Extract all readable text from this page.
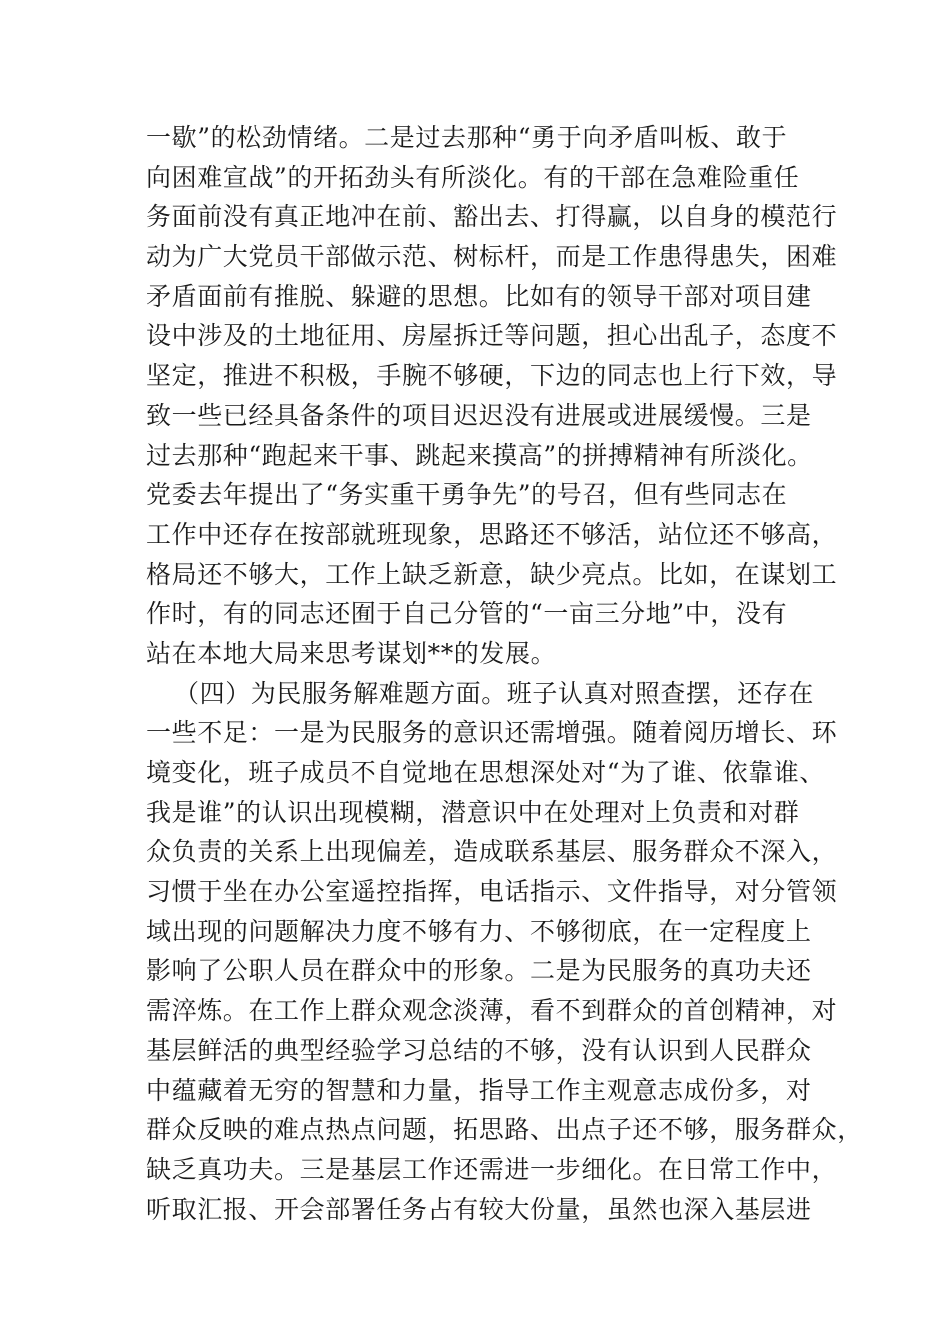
一歇”的松劲情绪。二是过去那种“勇于向矛盾叫板、敢于
向困难宣战”的开拓劲头有所淡化。有的干部在急难险重任
务面前没有真正地冲在前、豁出去、打得赢，以自身的模范行
动为广大党员干部做示范、树标杆，而是工作患得患失，困难
矛盾面前有推脱、躲避的思想。比如有的领导干部对项目建
设中涉及的土地征用、房屋拆迁等问题，担心出乱子，态度不
坚定，推进不积极，手腕不够硬，下边的同志也上行下效，导
致一些已经具备条件的项目迟迟没有进展或进展缓慢。三是
过去那种“跑起来干事、跳起来摸高”的拼搏精神有所淡化。
党委去年提出了“务实重干勇争先”的号召，但有些同志在
工作中还存在按部就班现象，思路还不够活，站位还不够高，
格局还不够大，工作上缺乏新意，缺少亮点。比如，在谋划工
作时，有的同志还囿于自己分管的“一亩三分地”中，没有
站在本地大局来思考谋划**的发展。
（四）为民服务解难题方面。班子认真对照查摆，还存在
一些不足：一是为民服务的意识还需增强。随着阅历增长、环
境变化，班子成员不自觉地在思想深处对“为了谁、依靠谁、
我是谁”的认识出现模糊，潜意识中在处理对上负责和对群
众负责的关系上出现偏差，造成联系基层、服务群众不深入，
习惯于坐在办公室遥控指挥，电话指示、文件指导，对分管领
域出现的问题解决力度不够有力、不够彻底，在一定程度上
影响了公职人员在群众中的形象。二是为民服务的真功夫还
需淬炼。在工作上群众观念淡薄，看不到群众的首创精神，对
基层鲜活的典型经验学习总结的不够，没有认识到人民群众
中蕴藏着无穷的智慧和力量，指导工作主观意志成份多，对
群众反映的难点热点问题，拓思路、出点子还不够，服务群众，
缺乏真功夫。三是基层工作还需进一步细化。在日常工作中，
听取汇报、开会部署任务占有较大份量，虽然也深入基层进
